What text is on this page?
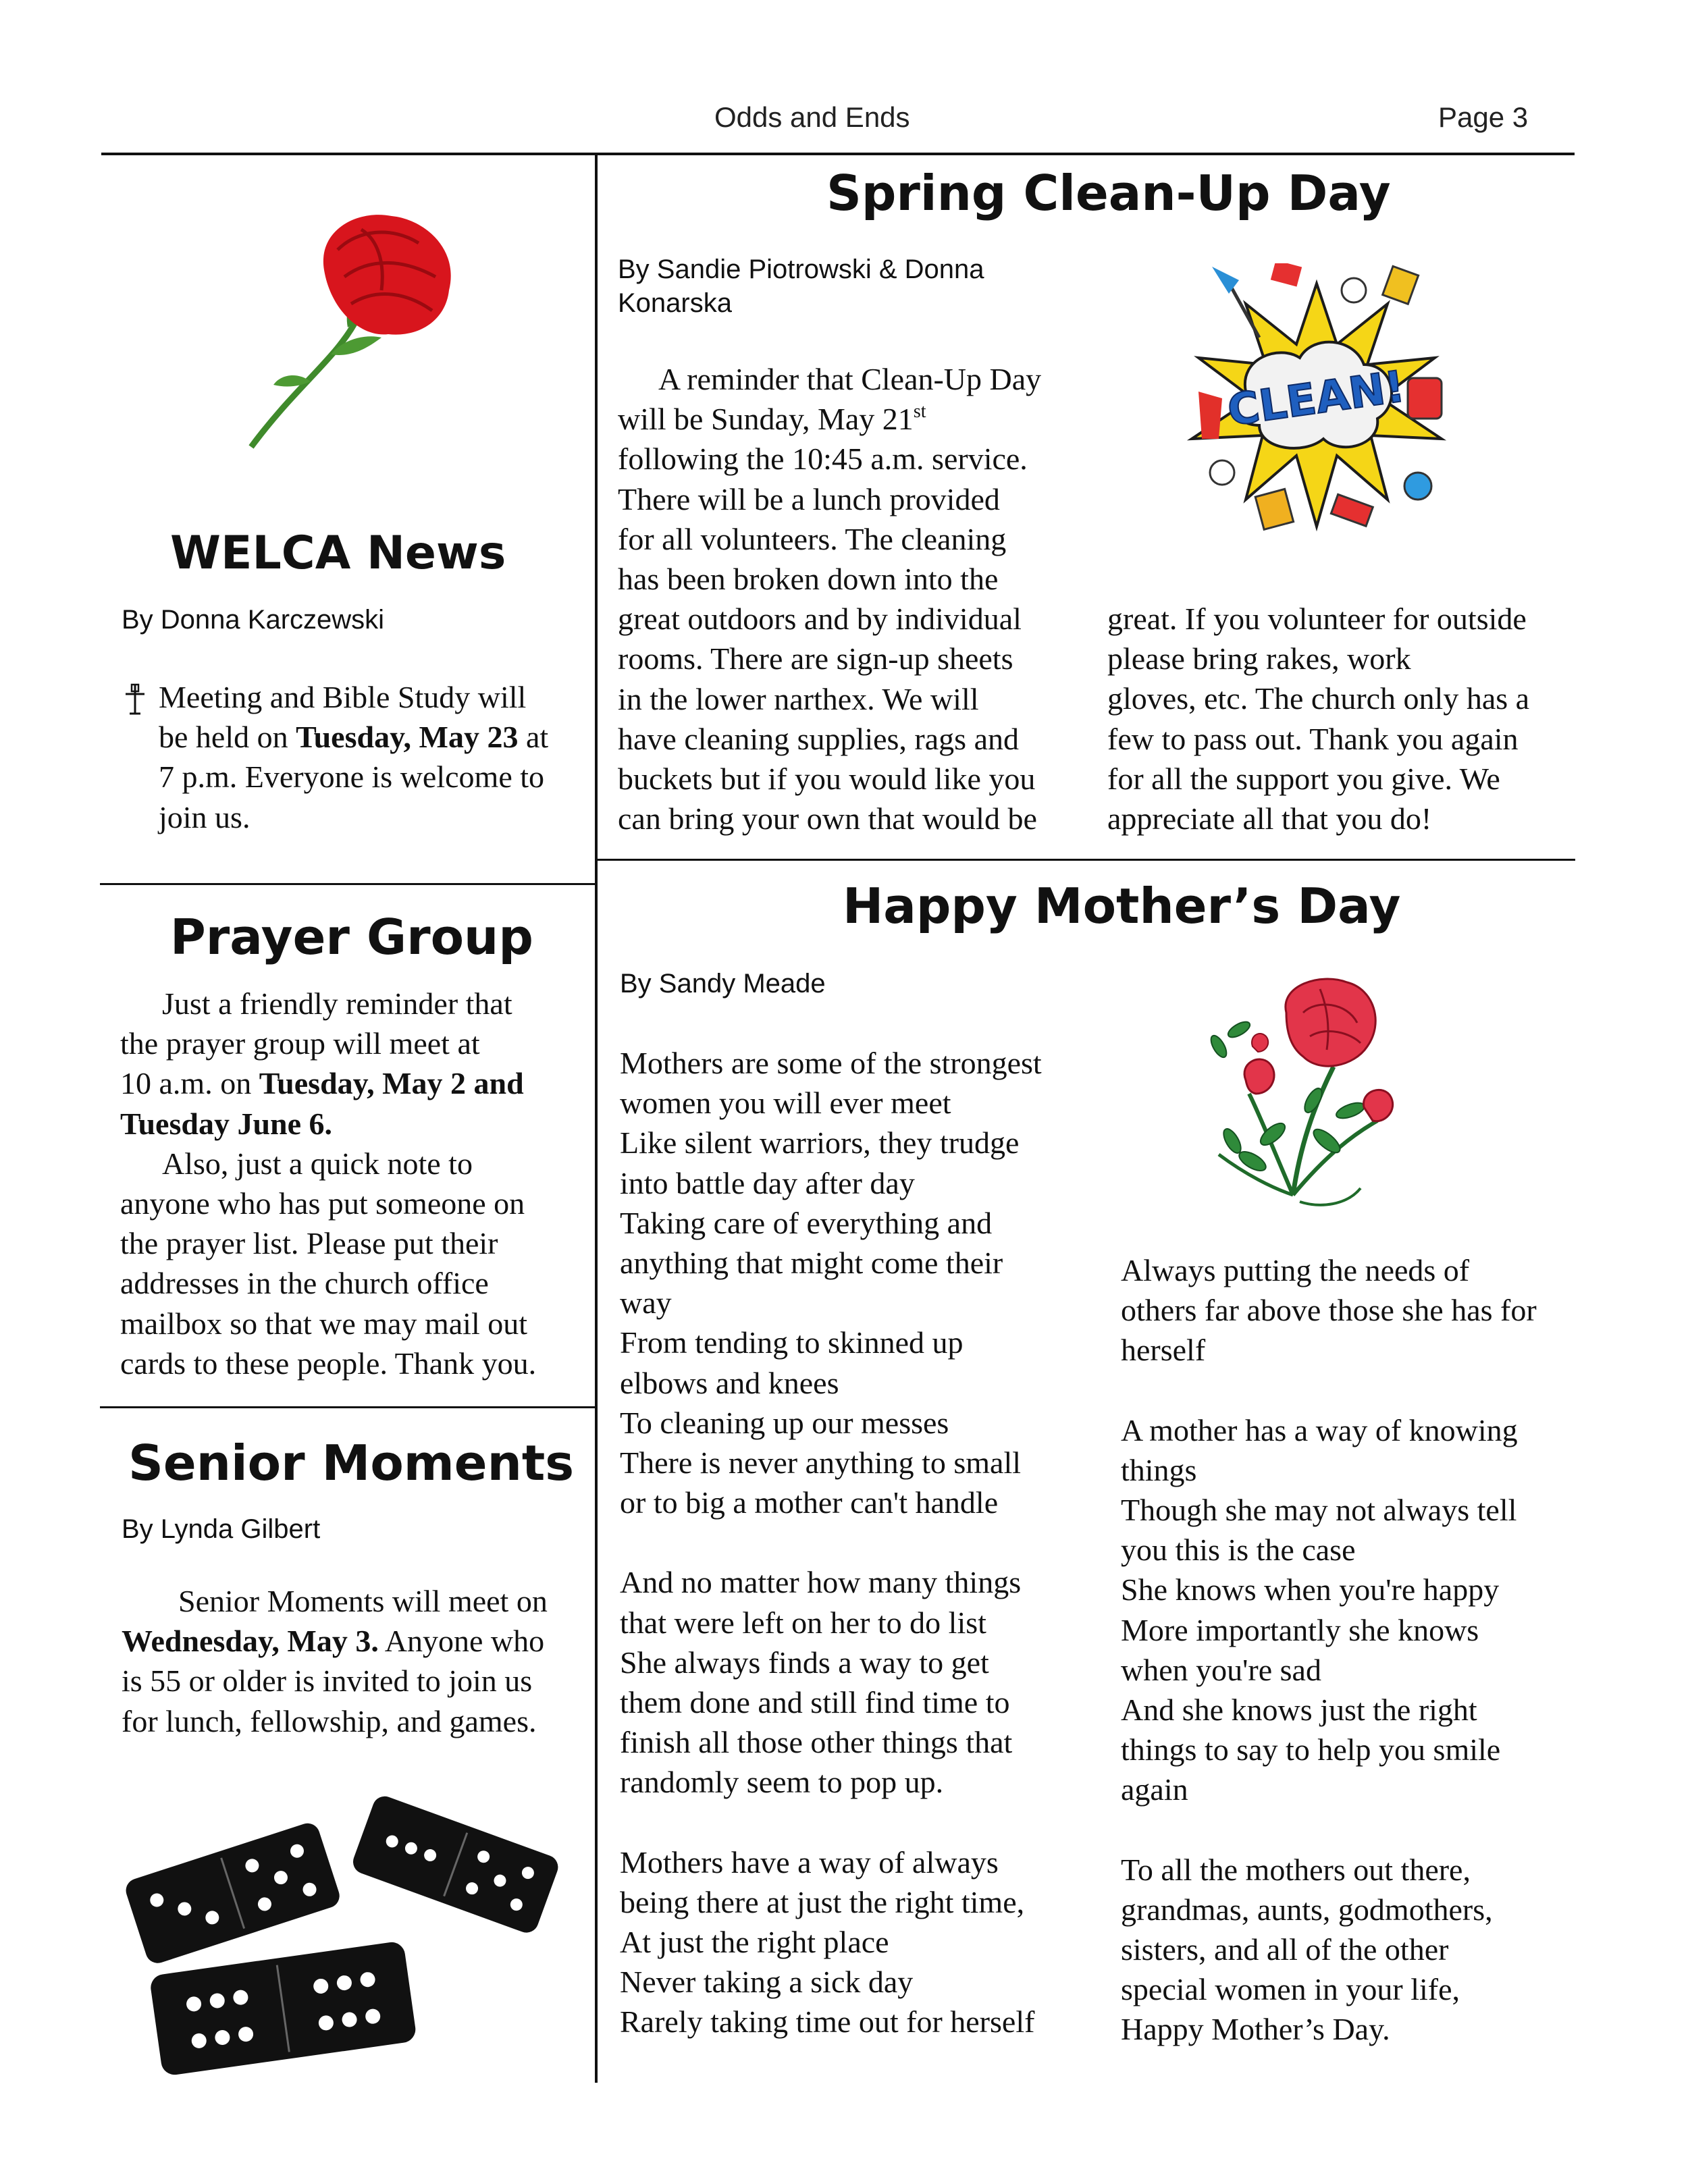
Odds and Ends	Page 3
WELCA News
By Donna Karczewski
Meeting and Bible Study will
be held on Tuesday, May 23 at
7 p.m. Everyone is welcome to
join us.
Prayer Group
Just a friendly reminder that
the prayer group will meet at
10 a.m. on Tuesday, May 2 and
Tuesday June 6.
Also, just a quick note to
anyone who has put someone on
the prayer list. Please put their
addresses in the church office
mailbox so that we may mail out
cards to these people. Thank you.
Senior Moments
By Lynda Gilbert
Senior Moments will meet on
Wednesday, May 3. Anyone who
is 55 or older is invited to join us
for lunch, fellowship, and games.
Spring Clean-Up Day
By Sandie Piotrowski & Donna
Konarska
CLEAN!
A reminder that Clean-Up Day
will be Sunday, May 21st
following the 10:45 a.m. service.
There will be a lunch provided
for all volunteers. The cleaning
has been broken down into the
great outdoors and by individual
rooms. There are sign-up sheets
in the lower narthex. We will
have cleaning supplies, rags and
buckets but if you would like you
can bring your own that would be
great. If you volunteer for outside
please bring rakes, work
gloves, etc. The church only has a
few to pass out. Thank you again
for all the support you give. We
appreciate all that you do!
Happy Mother’s Day
By Sandy Meade
Mothers are some of the strongest
women you will ever meet
Like silent warriors, they trudge
into battle day after day
Taking care of everything and
anything that might come their
way
From tending to skinned up
elbows and knees
To cleaning up our messes
There is never anything to small
or to big a mother can't handle
And no matter how many things
that were left on her to do list
She always finds a way to get
them done and still find time to
finish all those other things that
randomly seem to pop up.
Mothers have a way of always
being there at just the right time,
At just the right place
Never taking a sick day
Rarely taking time out for herself
Always putting the needs of
others far above those she has for
herself
A mother has a way of knowing
things
Though she may not always tell
you this is the case
She knows when you're happy
More importantly she knows
when you're sad
And she knows just the right
things to say to help you smile
again
To all the mothers out there,
grandmas, aunts, godmothers,
sisters, and all of the other
special women in your life,
Happy Mother’s Day.
